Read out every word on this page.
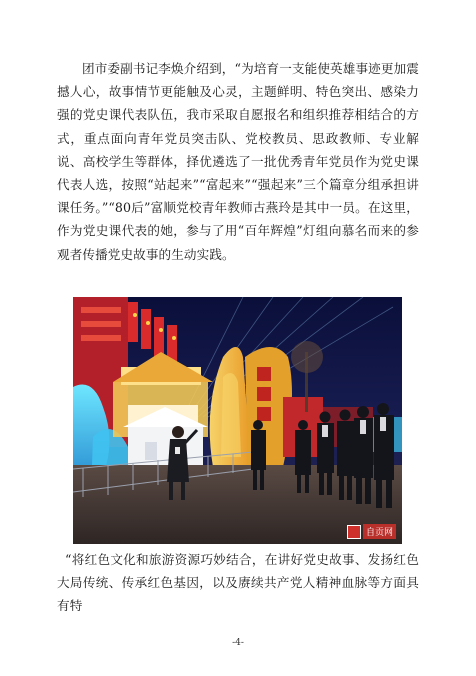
团市委副书记李焕介绍到，“为培育一支能使英雄事迹更加震撼人心，故事情节更能触及心灵，主题鲜明、特色突出、感染力强的党史课代表队伍，我市采取自愿报名和组织推荐相结合的方式，重点面向青年党员突击队、党校教员、思政教师、专业解说、高校学生等群体，择优遴选了一批优秀青年党员作为党史课代表人选，按照“站起来”“富起来”“强起来”三个篇章分组承担讲课任务。”“80后”富顺党校青年教师古燕玲是其中一员。在这里，作为党史课代表的她，参与了用“百年辉煌”灯组向慕名而来的参观者传播党史故事的生动实践。

自贡网

“将红色文化和旅游资源巧妙结合，在讲好党史故事、发扬红色大局传统、传承红色基因，以及赓续共产党人精神血脉等方面具有特

-4-
